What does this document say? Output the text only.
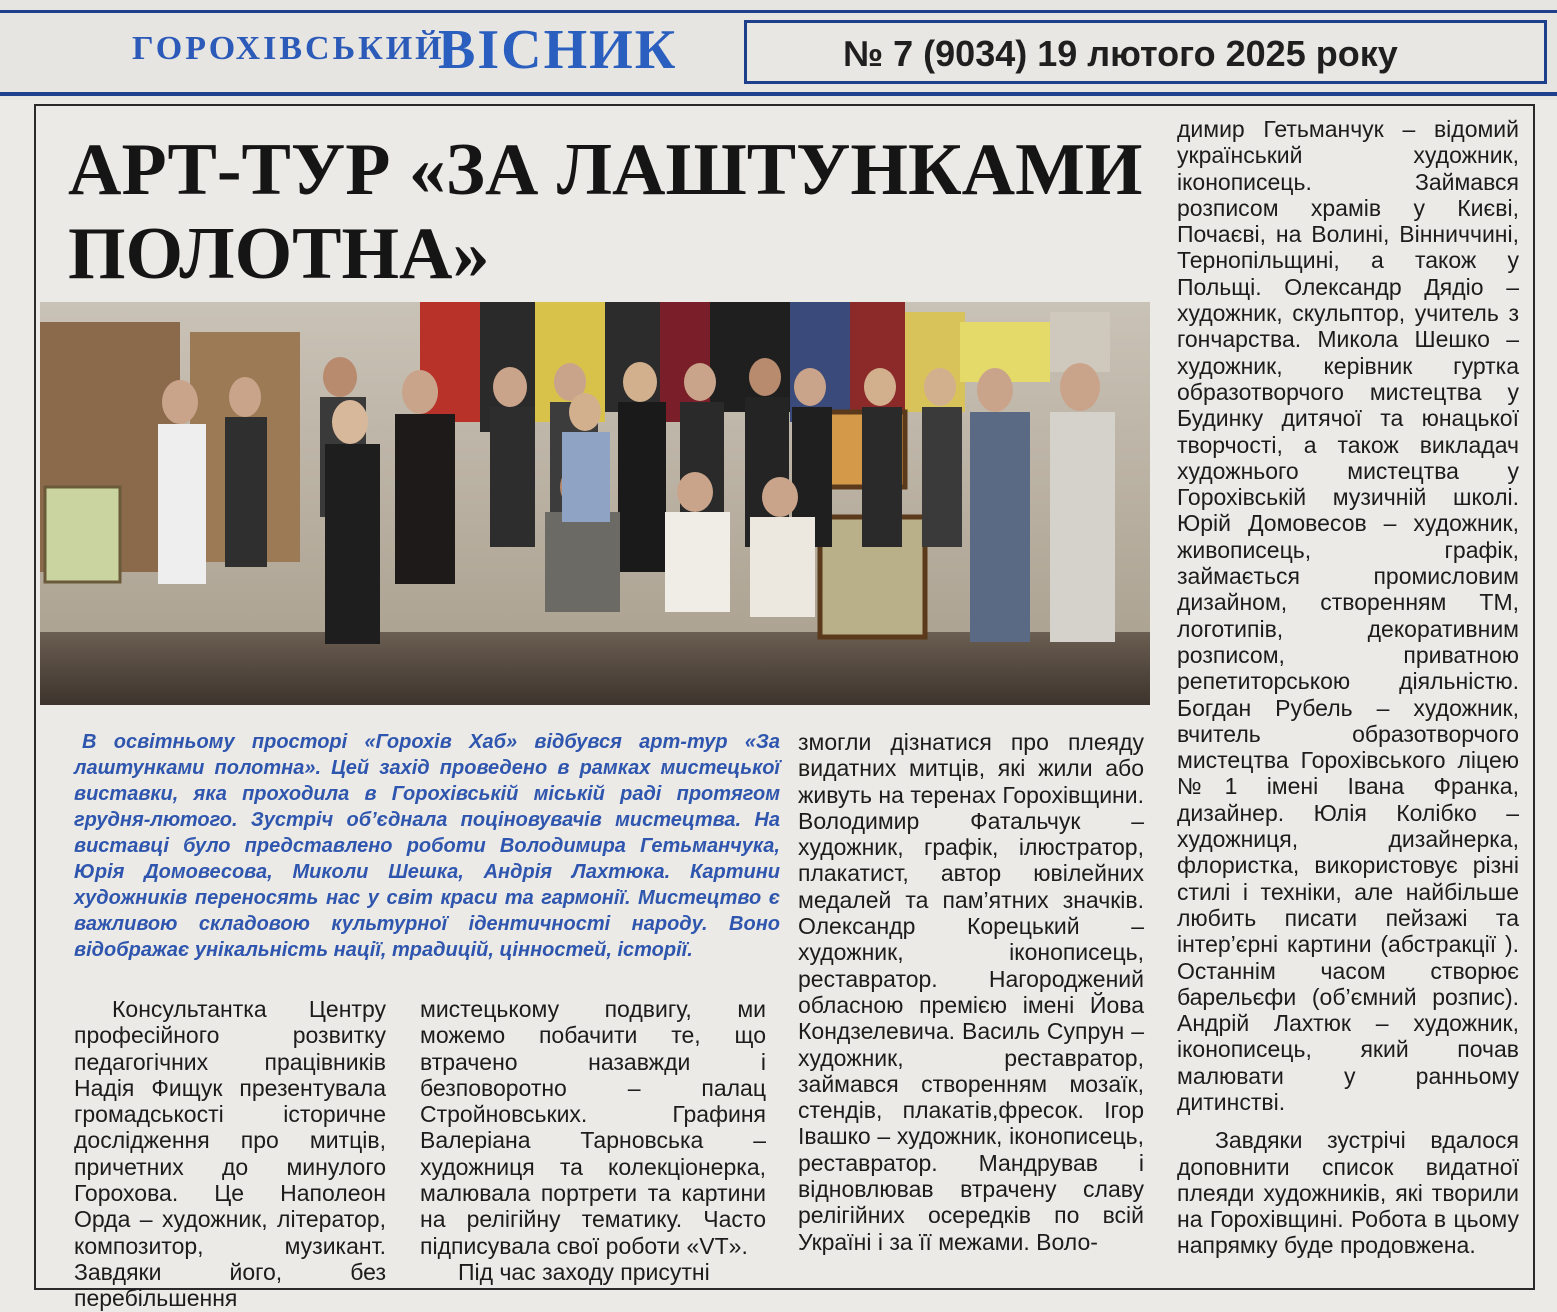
ГОРОХІВСЬКИЙ
ВІСНИК	№ 7 (9034) 19 лютого 2025 року
АРТ-ТУР «ЗА ЛАШТУНКАМИ
ПОЛОТНА»

В освітньому просторі «Горохів Хаб» відбувся арт-тур «За лаштунками полотна». Цей захід проведено в рамках мистецької виставки, яка проходила в Горохівській міській раді протягом грудня-лютого. Зустріч об’єднала поціновувачів мистецтва. На виставці було представлено роботи Володимира Гетьманчука, Юрія Домовесова, Миколи Шешка, Андрія Лахтюка. Картини художників переносять нас у світ краси та гармонії. Мистецтво є важливою складовою культурної ідентичності народу. Воно відображає унікальність нації, традицій, цінностей, історії.

Консультантка Центру професійного розвитку педагогічних працівників Надія Фищук презентувала громадськості історичне дослідження про митців, причетних до минулого Горохова. Це Наполеон Орда – художник, літератор, композитор, музикант. Завдяки його, без перебільшення

мистецькому подвигу, ми можемо побачити те, що втрачено назавжди і безповоротно – палац Стройновських. Графиня Валеріана Тарновська – художниця та колекціонерка, малювала портрети та картини на релігійну тематику. Часто підписувала свої роботи «VT».

Під час заходу присутні

змогли дізнатися про плеяду видатних митців, які жили або живуть на теренах Горохівщини. Володимир Фатальчук – художник, графік, ілюстратор, плакатист, автор ювілейних медалей та пам’ятних значків. Олександр Корецький – художник, іконописець, реставратор. Нагороджений обласною премією імені Йова Кондзелевича. Василь Супрун – художник, реставратор, займався створенням мозаїк, стендів, плакатів,фресок. Ігор Івашко – художник, іконописець, реставратор. Мандрував і відновлював втрачену славу релігійних осередків по всій Україні і за її межами. Воло-

димир Гетьманчук – відомий український художник, іконописець. Займався розписом храмів у Києві, Почаєві, на Волині, Вінниччині, Тернопільщині, а також у Польщі. Олександр Дядіо – художник, скульптор, учитель з гончарства. Микола Шешко – художник, керівник гуртка образотворчого мистецтва у Будинку дитячої та юнацької творчості, а також викладач художнього мистецтва у Горохівській музичній школі. Юрій Домовесов – художник, живописець, графік, займається промисловим дизайном, створенням ТМ, логотипів, декоративним розписом, приватною репетиторською діяльністю. Богдан Рубель – художник, вчитель образотворчого мистецтва Горохівського ліцею №1 імені Івана Франка, дизайнер. Юлія Колібко – художниця, дизайнерка, флористка, використовує різні стилі і техніки, але найбільше любить писати пейзажі та інтер’єрні картини (абстракції ). Останнім часом створює барельєфи (об’ємний розпис). Андрій Лахтюк – художник, іконописець, який почав малювати у ранньому дитинстві.

Завдяки зустрічі вдалося доповнити список видатної плеяди художників, які творили на Горохівщині. Робота в цьому напрямку буде продовжена.
